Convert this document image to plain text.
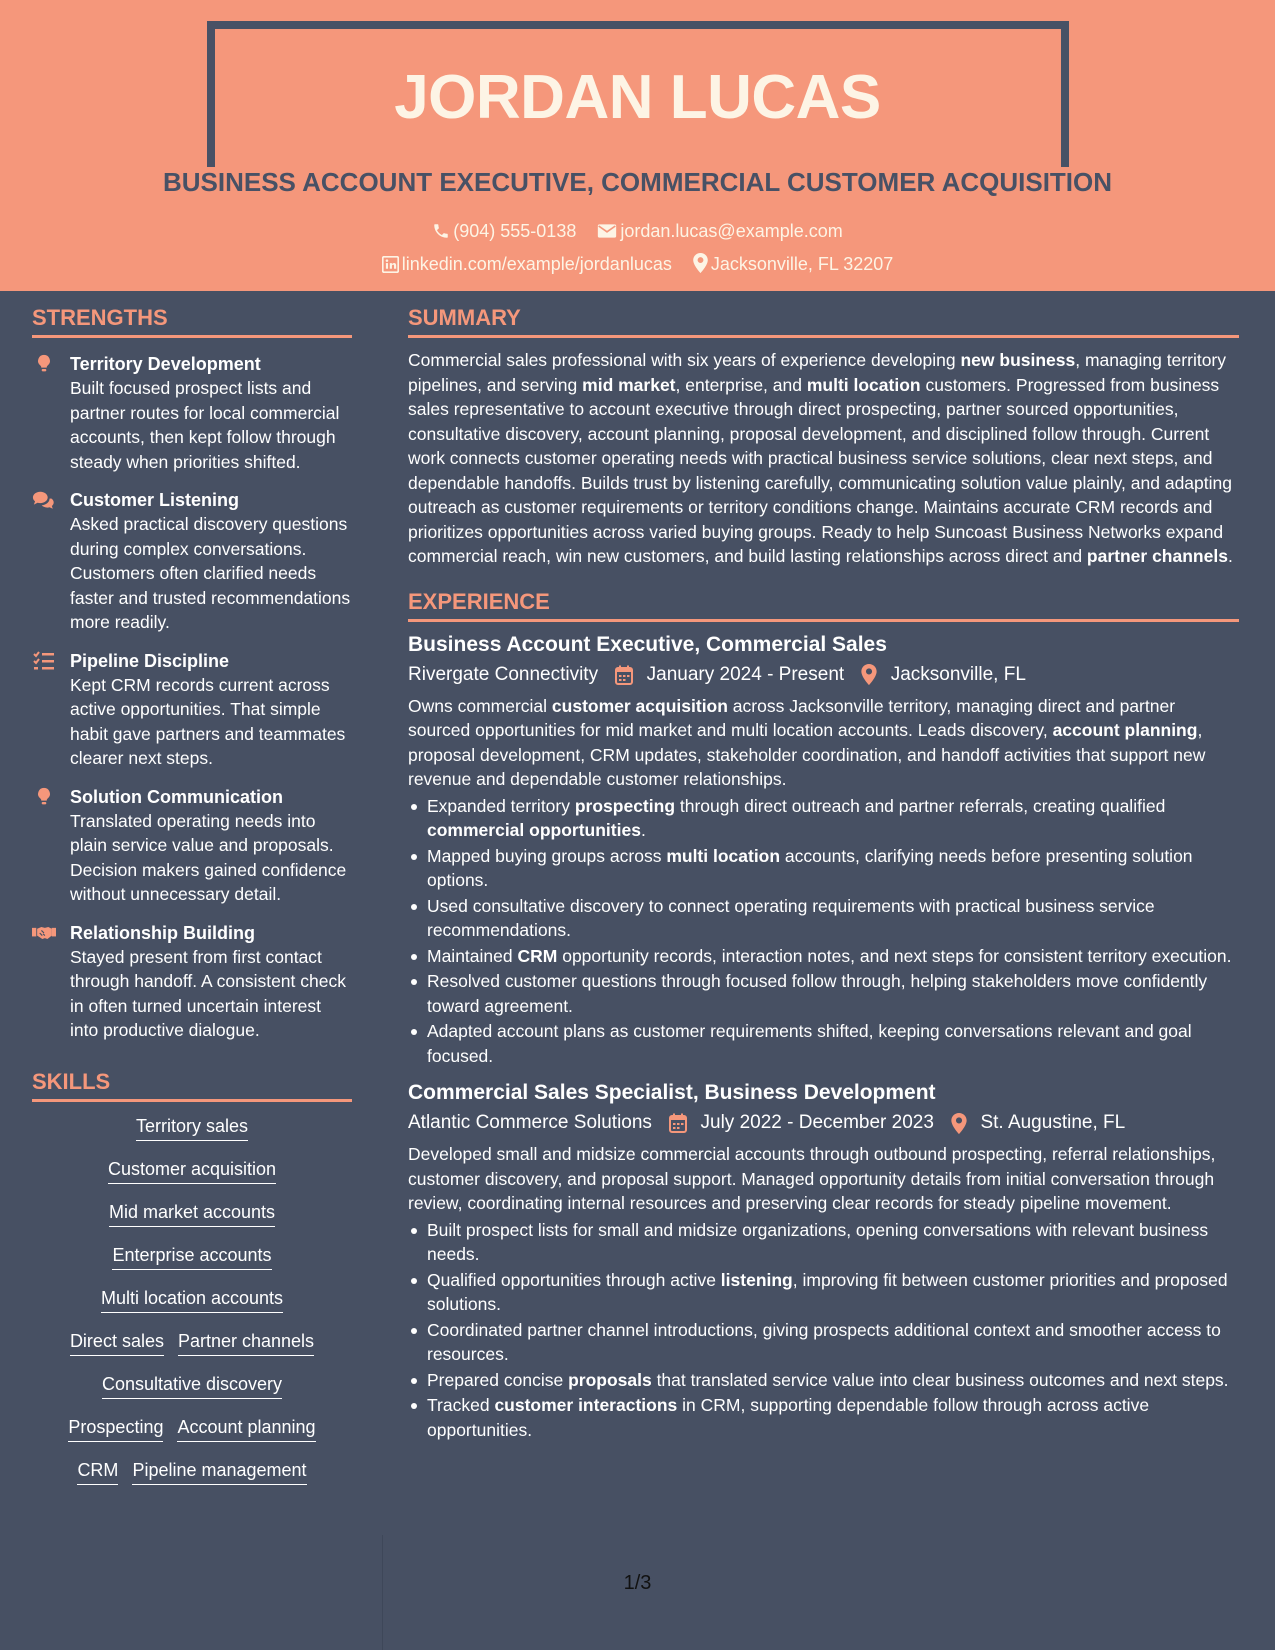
JORDAN LUCAS
BUSINESS ACCOUNT EXECUTIVE, COMMERCIAL CUSTOMER ACQUISITION
(904) 555-0138 jordan.lucas@example.com
linkedin.com/example/jordanlucas Jacksonville, FL 32207
STRENGTHS
Territory Development
Built focused prospect lists and partner routes for local commercial accounts, then kept follow through steady when priorities shifted.
Customer Listening
Asked practical discovery questions during complex conversations. Customers often clarified needs faster and trusted recommendations more readily.
Pipeline Discipline
Kept CRM records current across active opportunities. That simple habit gave partners and teammates clearer next steps.
Solution Communication
Translated operating needs into plain service value and proposals. Decision makers gained confidence without unnecessary detail.
Relationship Building
Stayed present from first contact through handoff. A consistent check in often turned uncertain interest into productive dialogue.
SKILLS
Territory sales
Customer acquisition
Mid market accounts
Enterprise accounts
Multi location accounts
Direct sales Partner channels
Consultative discovery
Prospecting Account planning
CRM Pipeline management
SUMMARY

Commercial sales professional with six years of experience developing new business, managing territory pipelines, and serving mid market, enterprise, and multi location customers. Progressed from business sales representative to account executive through direct prospecting, partner sourced opportunities, consultative discovery, account planning, proposal development, and disciplined follow through. Current work connects customer operating needs with practical business service solutions, clear next steps, and dependable handoffs. Builds trust by listening carefully, communicating solution value plainly, and adapting outreach as customer requirements or territory conditions change. Maintains accurate CRM records and prioritizes opportunities across varied buying groups. Ready to help Suncoast Business Networks expand commercial reach, win new customers, and build lasting relationships across direct and partner channels.

EXPERIENCE
Business Account Executive, Commercial Sales
Rivergate Connectivity	January 2024 - Present Jacksonville, FL

Owns commercial customer acquisition across Jacksonville territory, managing direct and partner sourced opportunities for mid market and multi location accounts. Leads discovery, account planning, proposal development, CRM updates, stakeholder coordination, and handoff activities that support new revenue and dependable customer relationships.

Expanded territory prospecting through direct outreach and partner referrals, creating qualified commercial opportunities.
Mapped buying groups across multi location accounts, clarifying needs before presenting solution options.
Used consultative discovery to connect operating requirements with practical business service recommendations.
Maintained CRM opportunity records, interaction notes, and next steps for consistent territory execution.
Resolved customer questions through focused follow through, helping stakeholders move confidently toward agreement.
Adapted account plans as customer requirements shifted, keeping conversations relevant and goal focused.
Commercial Sales Specialist, Business Development
Atlantic Commerce Solutions	July 2022 - December 2023 St. Augustine, FL

Developed small and midsize commercial accounts through outbound prospecting, referral relationships, customer discovery, and proposal support. Managed opportunity details from initial conversation through review, coordinating internal resources and preserving clear records for steady pipeline movement.

Built prospect lists for small and midsize organizations, opening conversations with relevant business needs.
Qualified opportunities through active listening, improving fit between customer priorities and proposed solutions.
Coordinated partner channel introductions, giving prospects additional context and smoother access to resources.
Prepared concise proposals that translated service value into clear business outcomes and next steps.
Tracked customer interactions in CRM, supporting dependable follow through across active opportunities.
1/3
